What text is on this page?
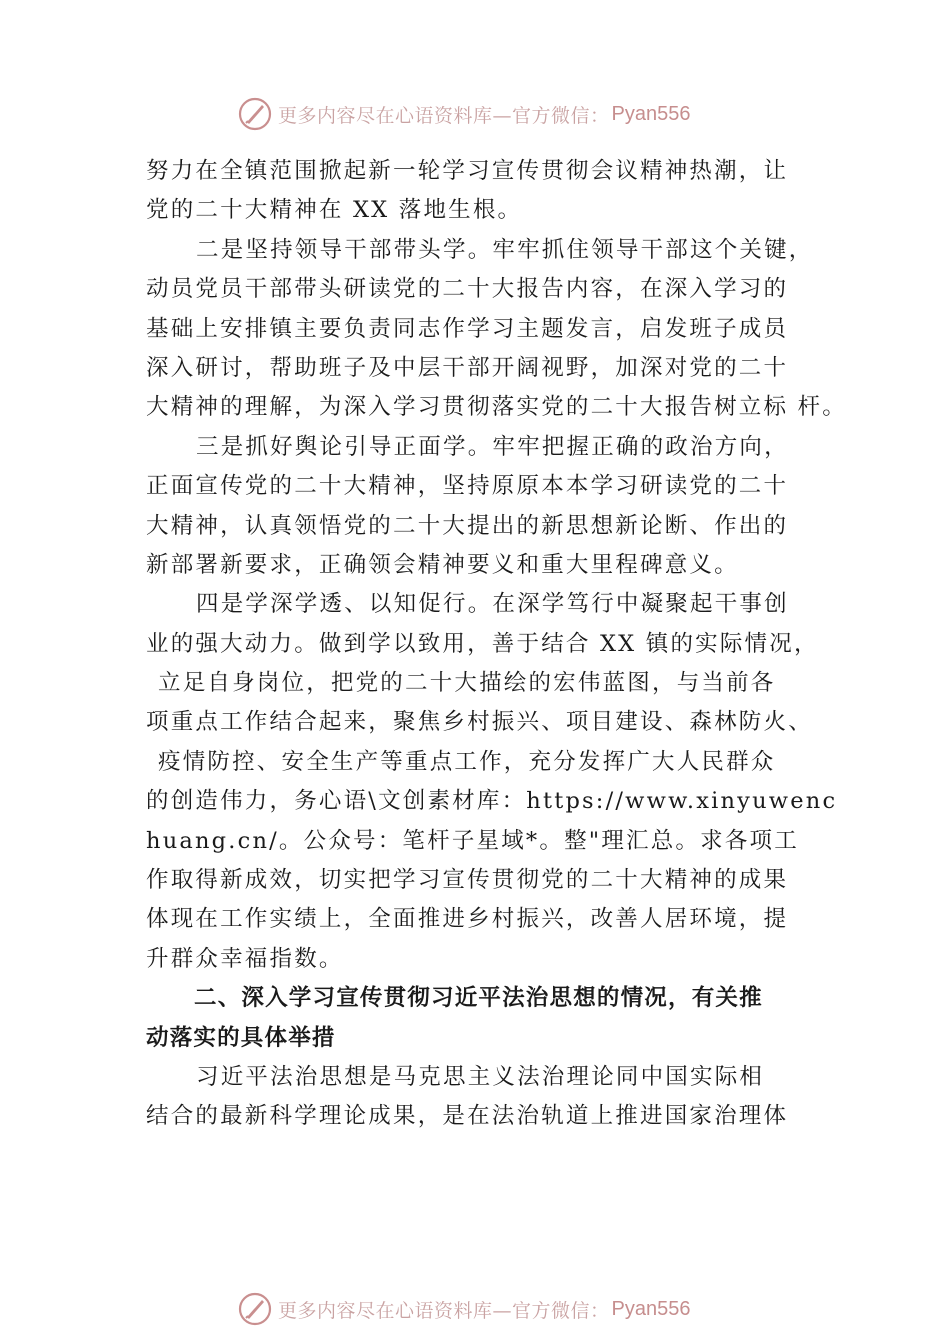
更多内容尽在心语资料库—官方微信： Pyan556
努力在全镇范围掀起新一轮学习宣传贯彻会议精神热潮，让
党的二十大精神在 XX 落地生根。
二是坚持领导干部带头学。牢牢抓住领导干部这个关键，
动员党员干部带头研读党的二十大报告内容，在深入学习的
基础上安排镇主要负责同志作学习主题发言，启发班子成员
深入研讨，帮助班子及中层干部开阔视野，加深对党的二十
大精神的理解，为深入学习贯彻落实党的二十大报告树立标 杆。
三是抓好舆论引导正面学。牢牢把握正确的政治方向，
正面宣传党的二十大精神，坚持原原本本学习研读党的二十
大精神，认真领悟党的二十大提出的新思想新论断、作出的
新部署新要求，正确领会精神要义和重大里程碑意义。
四是学深学透、以知促行。在深学笃行中凝聚起干事创
业的强大动力。做到学以致用，善于结合 XX 镇的实际情况，
立足自身岗位，把党的二十大描绘的宏伟蓝图，与当前各
项重点工作结合起来，聚焦乡村振兴、项目建设、森林防火、
疫情防控、安全生产等重点工作，充分发挥广大人民群众
的创造伟力，务心语\文创素材库：https://www.xinyuwenc
huang.cn/。公众号：笔杆子星域*。整"理汇总。求各项工
作取得新成效，切实把学习宣传贯彻党的二十大精神的成果
体现在工作实绩上，全面推进乡村振兴，改善人居环境，提
升群众幸福指数。
二、深入学习宣传贯彻习近平法治思想的情况，有关推
动落实的具体举措
习近平法治思想是马克思主义法治理论同中国实际相
结合的最新科学理论成果，是在法治轨道上推进国家治理体
更多内容尽在心语资料库—官方微信： Pyan556
